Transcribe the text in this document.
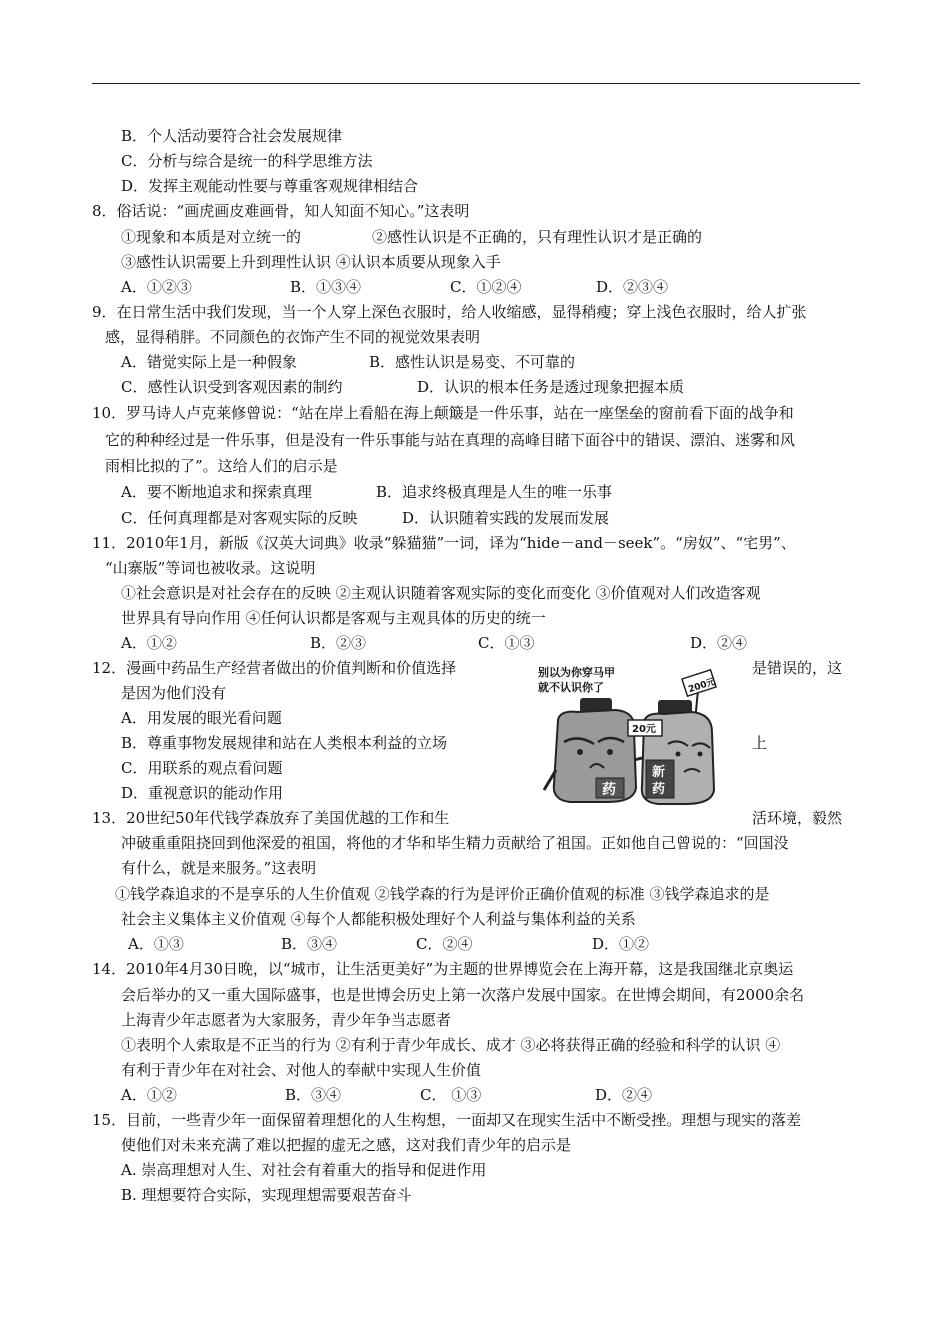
B．个人活动要符合社会发展规律
C．分析与综合是统一的科学思维方法
D．发挥主观能动性要与尊重客观规律相结合
8．俗话说：“画虎画皮难画骨，知人知面不知心。”这表明
①现象和本质是对立统一的	②感性认识是不正确的，只有理性认识才是正确的
③感性认识需要上升到理性认识 ④认识本质要从现象入手
A．①②③	B．①③④	C．①②④	D．②③④
9．在日常生活中我们发现，当一个人穿上深色衣服时，给人收缩感，显得稍瘦；穿上浅色衣服时，给人扩张
感，显得稍胖。不同颜色的衣饰产生不同的视觉效果表明
A．错觉实际上是一种假象	B．感性认识是易变、不可靠的
C．感性认识受到客观因素的制约	D．认识的根本任务是透过现象把握本质
10．罗马诗人卢克莱修曾说：“站在岸上看船在海上颠簸是一件乐事，站在一座堡垒的窗前看下面的战争和
它的种种经过是一件乐事，但是没有一件乐事能与站在真理的高峰目睹下面谷中的错误、漂泊、迷雾和风
雨相比拟的了”。这给人们的启示是
A．要不断地追求和探索真理	B．追求终极真理是人生的唯一乐事
C．任何真理都是对客观实际的反映	D．认识随着实践的发展而发展
11．2010年1月，新版《汉英大词典》收录“躲猫猫”一词，译为“hide－and－seek”。“房奴”、“宅男”、
“山寨版”等词也被收录。这说明
①社会意识是对社会存在的反映 ②主观认识随着客观实际的变化而变化 ③价值观对人们改造客观
世界具有导向作用 ④任何认识都是客观与主观具体的历史的统一
A．①②	B．②③	C．①③	D．②④
12．漫画中药品生产经营者做出的价值判断和价值选择	是错误的，这
是因为他们没有
A．用发展的眼光看问题
B．尊重事物发展规律和站在人类根本利益的立场	上
C．用联系的观点看问题
D．重视意识的能动作用
别以为你穿马甲
就不认识你了	200元
药
20元
新
药
13．20世纪50年代钱学森放弃了美国优越的工作和生	活环境，毅然
冲破重重阻挠回到他深爱的祖国，将他的才华和毕生精力贡献给了祖国。正如他自己曾说的：“回国没
有什么，就是来服务。”这表明
①钱学森追求的不是享乐的人生价值观 ②钱学森的行为是评价正确价值观的标准 ③钱学森追求的是
社会主义集体主义价值观 ④每个人都能积极处理好个人利益与集体利益的关系
A．①③	B．③④	C．②④	D．①②
14．2010年4月30日晚，以“城市，让生活更美好”为主题的世界博览会在上海开幕，这是我国继北京奥运
会后举办的又一重大国际盛事，也是世博会历史上第一次落户发展中国家。在世博会期间，有2000余名
上海青少年志愿者为大家服务，青少年争当志愿者
①表明个人索取是不正当的行为 ②有利于青少年成长、成才 ③必将获得正确的经验和科学的认识 ④
有利于青少年在对社会、对他人的奉献中实现人生价值
A．①②	B．③④	C． ①③	D．②④
15．目前，一些青少年一面保留着理想化的人生构想，一面却又在现实生活中不断受挫。理想与现实的落差
使他们对未来充满了难以把握的虚无之感，这对我们青少年的启示是
A. 崇高理想对人生、对社会有着重大的指导和促进作用
B. 理想要符合实际，实现理想需要艰苦奋斗
